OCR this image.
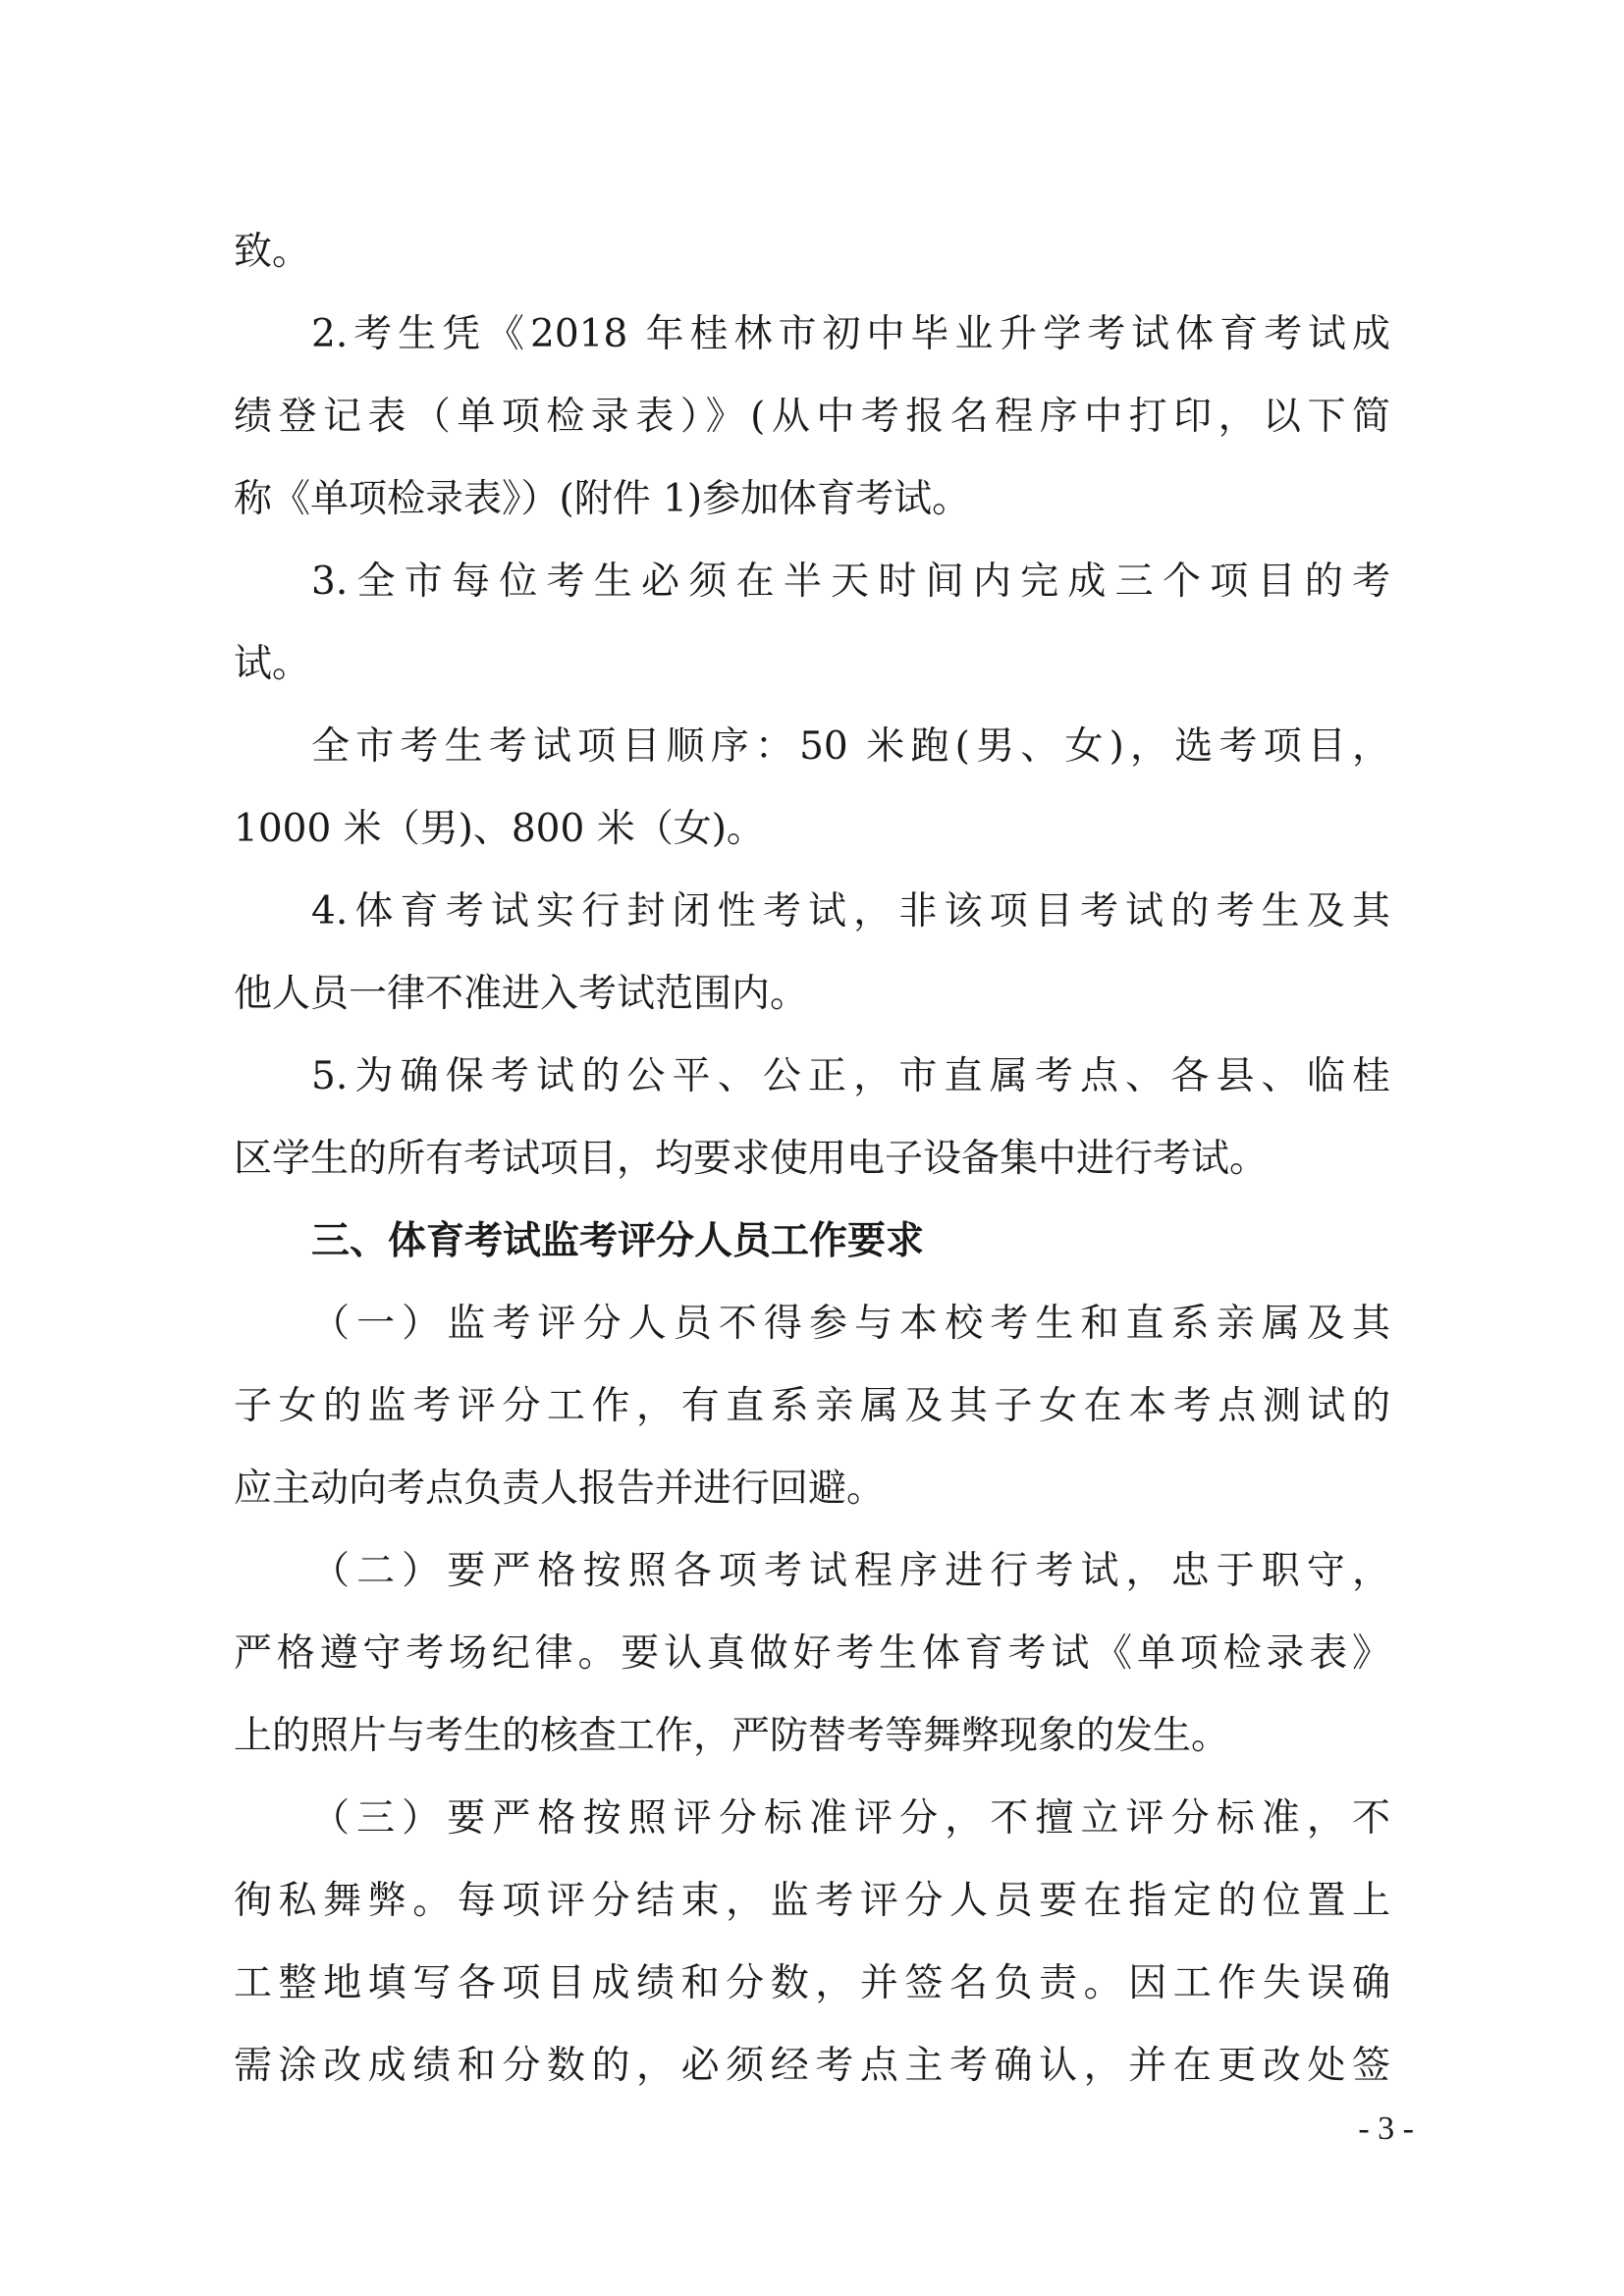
致。
2.考生凭《2018 年桂林市初中毕业升学考试体育考试成
绩登记表（单项检录表）》(从中考报名程序中打印，以下简
称《单项检录表》）(附件 1)参加体育考试。
3.全市每位考生必须在半天时间内完成三个项目的考
试。
全市考生考试项目顺序：50 米跑(男、女)，选考项目，
1000 米（男)、800 米（女)。
4.体育考试实行封闭性考试，非该项目考试的考生及其
他人员一律不准进入考试范围内。
5.为确保考试的公平、公正，市直属考点、各县、临桂
区学生的所有考试项目，均要求使用电子设备集中进行考试。
三、体育考试监考评分人员工作要求
（一）监考评分人员不得参与本校考生和直系亲属及其
子女的监考评分工作，有直系亲属及其子女在本考点测试的
应主动向考点负责人报告并进行回避。
（二）要严格按照各项考试程序进行考试，忠于职守，
严格遵守考场纪律。要认真做好考生体育考试《单项检录表》
上的照片与考生的核查工作，严防替考等舞弊现象的发生。
（三）要严格按照评分标准评分，不擅立评分标准，不
徇私舞弊。每项评分结束，监考评分人员要在指定的位置上
工整地填写各项目成绩和分数，并签名负责。因工作失误确
需涂改成绩和分数的，必须经考点主考确认，并在更改处签
- 3 -
